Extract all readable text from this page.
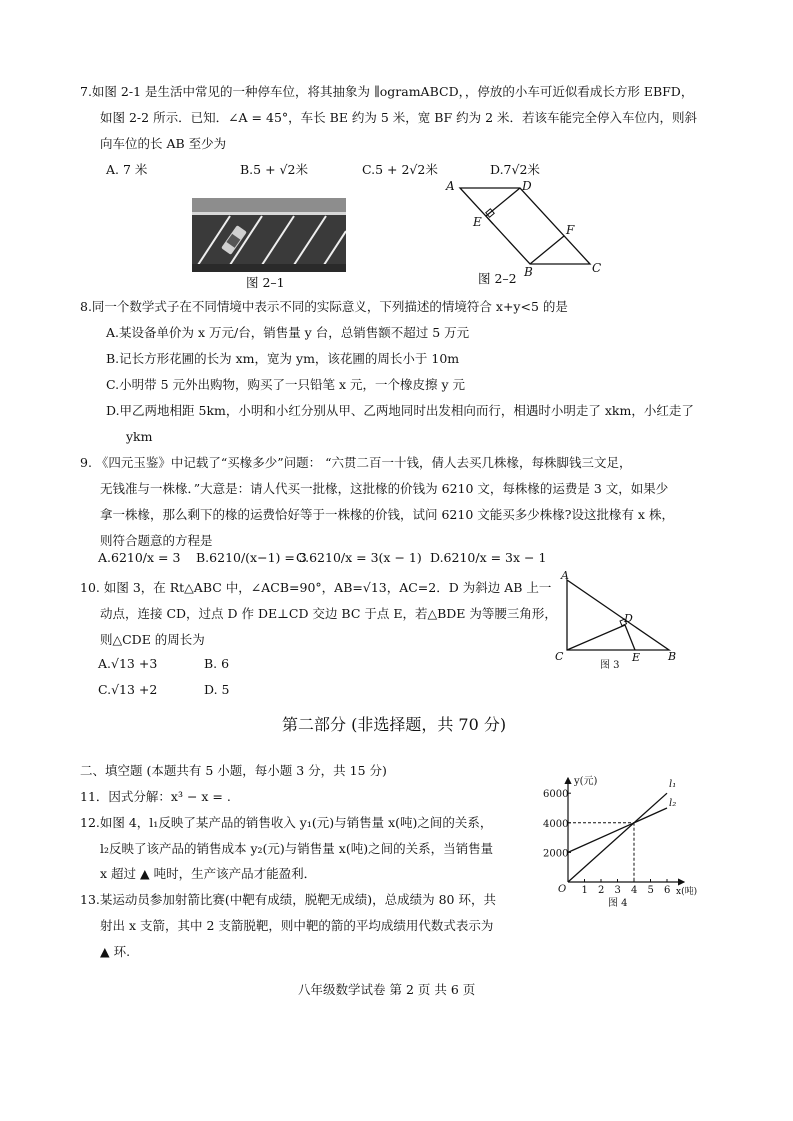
7.如图 2-1 是生活中常见的一种停车位，将其抽象为 ∥ogramABCD，，停放的小车可近似看成长方形 EBFD，
如图 2-2 所示．已知．∠A = 45°，车长 BE 约为 5 米，宽 BF 约为 2 米．若该车能完全停入车位内，则斜
向车位的长 AB 至少为
A. 7 米	B.5 + √2米	C.5 + 2√2米	D.7√2米
图 2–1
A	D
E
F
B	C
图 2–2
8.同一个数学式子在不同情境中表示不同的实际意义，下列描述的情境符合 x+y<5 的是
A.某设备单价为 x 万元/台，销售量 y 台，总销售额不超过 5 万元
B.记长方形花圃的长为 xm，宽为 ym，该花圃的周长小于 10m
C.小明带 5 元外出购物，购买了一只铅笔 x 元，一个橡皮擦 y 元
D.甲乙两地相距 5km，小明和小红分别从甲、乙两地同时出发相向而行，相遇时小明走了 xkm，小红走了
ykm
9. 《四元玉鉴》中记载了“买椽多少”问题： “六贯二百一十钱，倩人去买几株椽，每株脚钱三文足，
无钱准与一株椽．”大意是：请人代买一批椽，这批椽的价钱为 6210 文，每株椽的运费是 3 文，如果少
拿一株椽，那么剩下的椽的运费恰好等于一株椽的价钱，试问 6210 文能买多少株椽?设这批椽有 x 株，
则符合题意的方程是
A.6210/x = 3 B.6210/(x−1) = 3
C.6210/x = 3(x − 1) D.6210/x = 3x − 1
10. 如图 3，在 Rt△ABC 中，∠ACB=90°，AB=√13，AC=2．D 为斜边 AB 上一
动点，连接 CD，过点 D 作 DE⊥CD 交边 BC 于点 E，若△BDE 为等腰三角形，
则△CDE 的周长为
A.√13 +3	B. 6
C.√13 +2	D. 5
A
D
C	E	B
图 3
第二部分 (非选择题，共 70 分)
二、填空题 (本题共有 5 小题，每小题 3 分，共 15 分)
11．因式分解：x³ − x = .
12.如图 4，l₁反映了某产品的销售收入 y₁(元)与销售量 x(吨)之间的关系，
l₂反映了该产品的销售成本 y₂(元)与销售量 x(吨)之间的关系，当销售量
x 超过 ▲ 吨时，生产该产品才能盈利．
13.某运动员参加射箭比赛(中靶有成绩，脱靶无成绩)，总成绩为 80 环，共
射出 x 支箭，其中 2 支箭脱靶，则中靶的箭的平均成绩用代数式表示为
▲ 环.
y(元)
x(吨)
O
图 4
1 2 3 4 5 6
2000
4000
6000
l₁
l₂
八年级数学试卷 第 2 页 共 6 页
